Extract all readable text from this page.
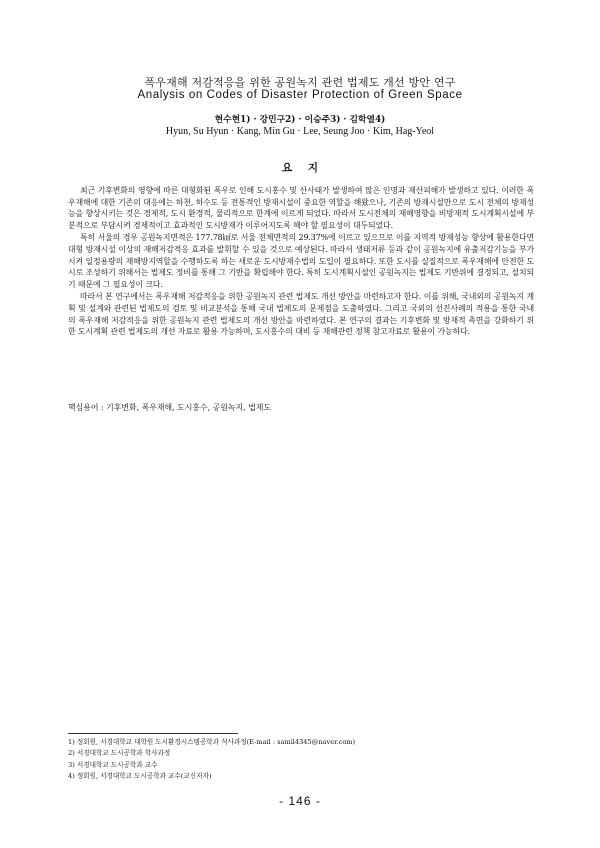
폭우재해 저감적응을 위한 공원녹지 관련 법제도 개선 방안 연구
Analysis on Codes of Disaster Protection of Green Space
현수현1) · 강민구2) · 이승주3) · 김학열4)
Hyun, Su Hyun · Kang, Min Gu · Lee, Seung Joo · Kim, Hag-Yeol
요 지

최근 기후변화의 영향에 따른 대형화된 폭우로 인해 도시홍수 및 산사태가 발생하여 많은 인명과 재산피해가 발생하고 있다. 이러한 폭우재해에 대한 기존의 대응에는 하천, 하수도 등 전통적인 방재시설이 중요한 역할을 해왔으나, 기존의 방재시설만으로 도시 전체의 방재성능을 향상시키는 것은 경제적, 도시 환경적, 물리적으로 한계에 이르게 되었다. 따라서 도시전체의 재해영향을 비방재적 도시계획시설에 부분적으로 부담시켜 경제적이고 효과적인 도시방재가 이루어지도록 해야 할 필요성이 대두되었다.

특히 서울의 경우 공원녹지면적은 177.78㎢로 서울 전체면적의 29.37%에 이르고 있으므로 이를 지역적 방재성능 향상에 활용한다면 대형 방재시설 이상의 재해저감적응 효과를 발휘할 수 있을 것으로 예상된다. 따라서 생태저류 등과 같이 공원녹지에 유출저감기능을 부가시켜 일정용량의 재해방지역할을 수행하도록 하는 새로운 도시방재수법의 도입이 필요하다. 또한 도시를 실질적으로 폭우재해에 안전한 도시로 조성하기 위해서는 법제도 정비를 통해 그 기반을 확립해야 한다. 특히 도시계획시설인 공원녹지는 법제도 기반위에 결정되고, 설치되기 때문에 그 필요성이 크다.

따라서 본 연구에서는 폭우재해 저감적응을 위한 공원녹지 관련 법제도 개선 방안을 마련하고자 한다. 이를 위해, 국내외의 공원녹지 계획 및 설계와 관련된 법제도의 검토 및 비교분석을 통해 국내 법제도의 문제점을 도출하였다. 그리고 국외의 선진사례의 적용을 통한 국내의 폭우재해 저감적응을 위한 공원녹지 관련 법제도의 개선 방안을 마련하였다. 본 연구의 결과는 기후변화 및 방재적 측면을 강화하기 위한 도시계획 관련 법제도의 개선 자료로 활용 가능하며, 도시홍수의 대비 등 재해관련 정책 참고자료로 활용이 가능하다.

핵심용어 : 기후변화, 폭우재해, 도시홍수, 공원녹지, 법제도
1) 정회원, 서경대학교 대학원 도시환경시스템공학과 석사과정(E-mail : samil4345@naver.com)
2) 서경대학교 도시공학과 학사과정
3) 서경대학교 도시공학과 교수
4) 정회원, 서경대학교 도시공학과 교수(교신저자)
- 146 -
